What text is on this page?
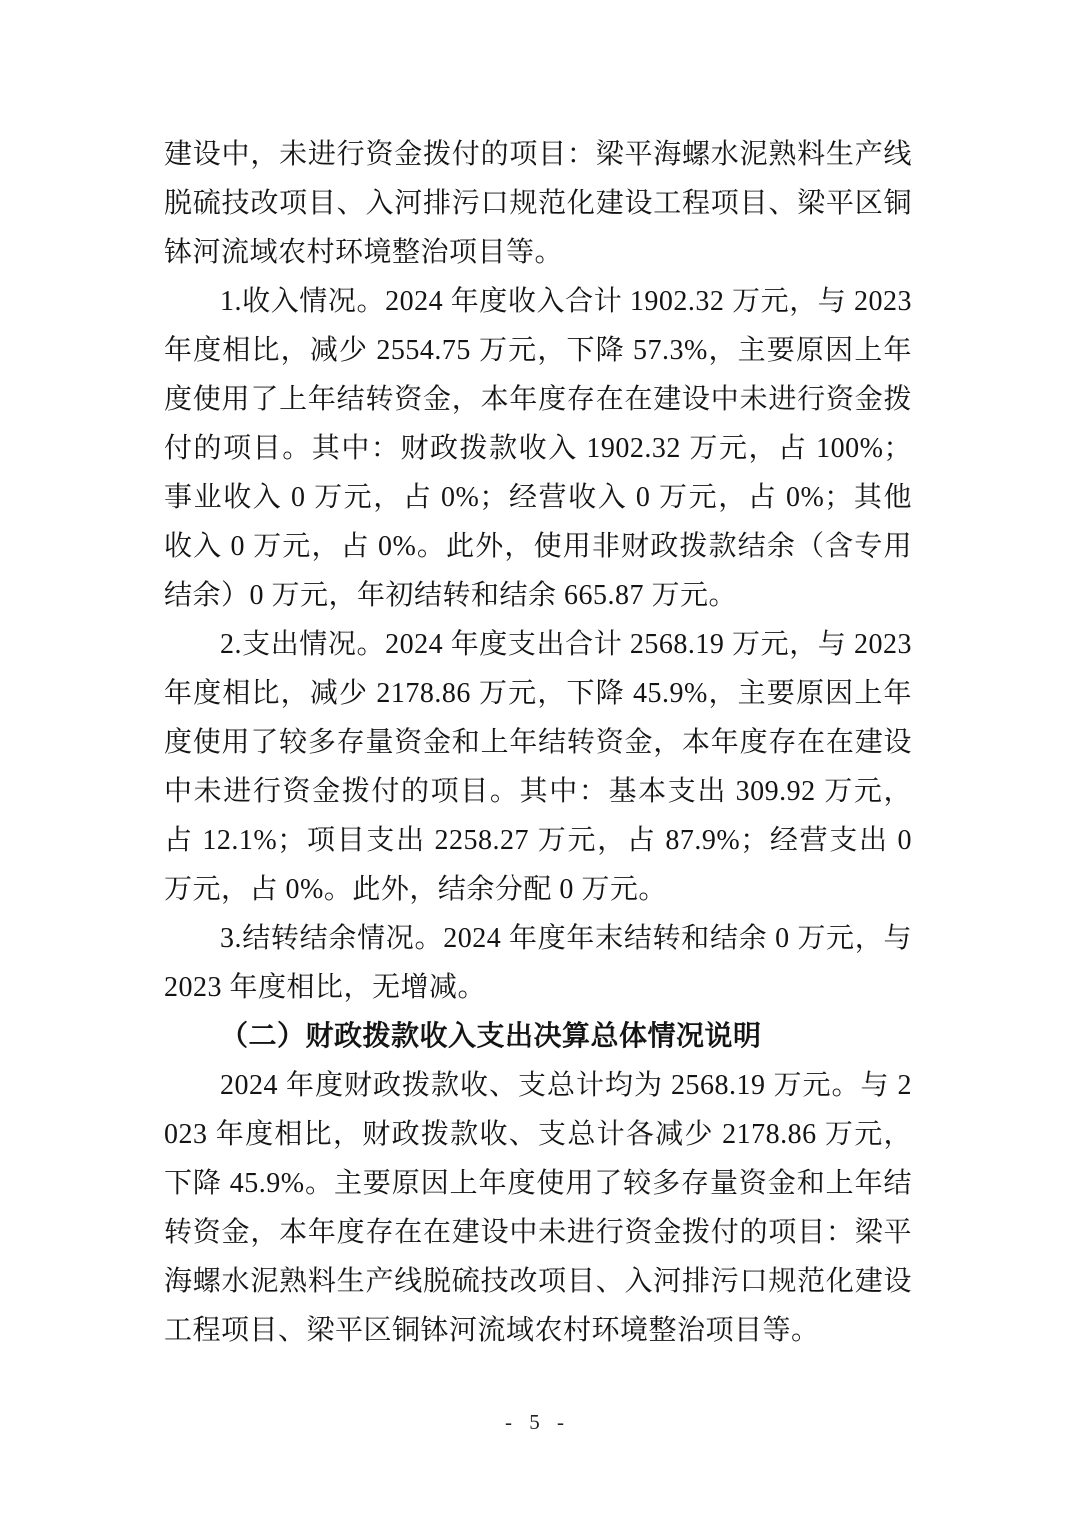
建设中，未进行资金拨付的项目：梁平海螺水泥熟料生产线脱硫技改项目、入河排污口规范化建设工程项目、梁平区铜钵河流域农村环境整治项目等。

1.收入情况。2024 年度收入合计 1902.32 万元，与 2023 年度相比，减少 2554.75 万元，下降 57.3%，主要原因上年度使用了上年结转资金，本年度存在在建设中未进行资金拨付的项目。其中：财政拨款收入 1902.32 万元，占 100%；事业收入 0 万元，占 0%；经营收入 0 万元，占 0%；其他收入 0 万元，占 0%。此外，使用非财政拨款结余（含专用结余）0 万元，年初结转和结余 665.87 万元。

2.支出情况。2024 年度支出合计 2568.19 万元，与 2023 年度相比，减少 2178.86 万元，下降 45.9%，主要原因上年度使用了较多存量资金和上年结转资金，本年度存在在建设中未进行资金拨付的项目。其中：基本支出 309.92 万元，占 12.1%；项目支出 2258.27 万元，占 87.9%；经营支出 0 万元，占 0%。此外，结余分配 0 万元。

3.结转结余情况。2024 年度年末结转和结余 0 万元，与 2023 年度相比，无增减。

（二）财政拨款收入支出决算总体情况说明

2024 年度财政拨款收、支总计均为 2568.19 万元。与 2023 年度相比，财政拨款收、支总计各减少 2178.86 万元，下降 45.9%。主要原因上年度使用了较多存量资金和上年结转资金，本年度存在在建设中未进行资金拨付的项目：梁平海螺水泥熟料生产线脱硫技改项目、入河排污口规范化建设工程项目、梁平区铜钵河流域农村环境整治项目等。

- 5 -
